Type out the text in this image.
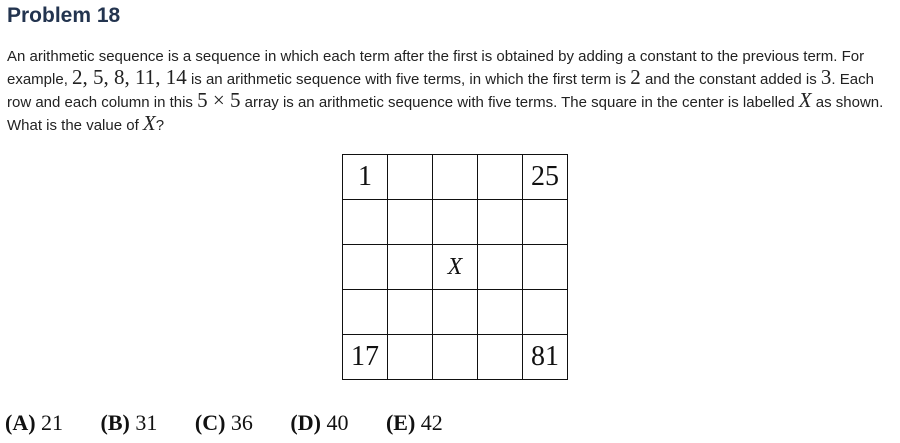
Problem 18
An arithmetic sequence is a sequence in which each term after the first is obtained by adding a constant to the previous term. For example, 2, 5, 8, 11, 14 is an arithmetic sequence with five terms, in which the first term is 2 and the constant added is 3. Each row and each column in this 5 × 5 array is an arithmetic sequence with five terms. The square in the center is labelled X as shown. What is the value of X?
1				25

		X		

17				81
(A) 21 (B) 31 (C) 36 (D) 40 (E) 42
